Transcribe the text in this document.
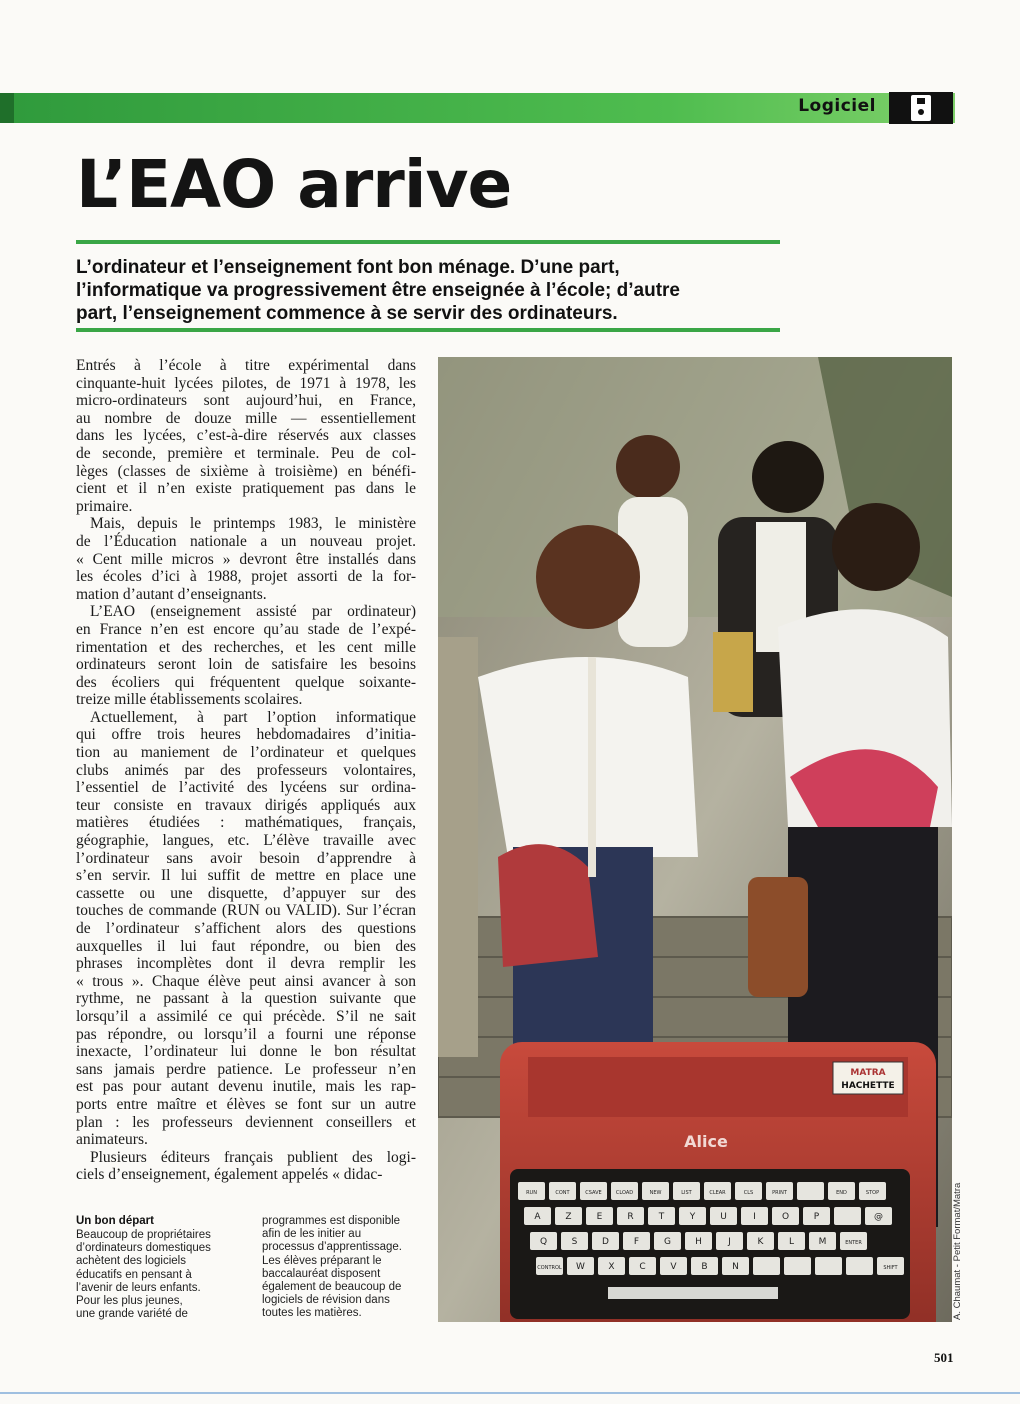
Logiciel
L’EAO arrive
L’ordinateur et l’enseignement font bon ménage. D’une part,
l’informatique va progressivement être enseignée à l’école; d’autre
part, l’enseignement commence à se servir des ordinateurs.
Entrés à l’école à titre expérimental dans
cinquante-huit lycées pilotes, de 1971 à 1978, les
micro-ordinateurs sont aujourd’hui, en France,
au nombre de douze mille — essentiellement
dans les lycées, c’est-à-dire réservés aux classes
de seconde, première et terminale. Peu de col-
lèges (classes de sixième à troisième) en bénéfi-
cient et il n’en existe pratiquement pas dans le
primaire.
Mais, depuis le printemps 1983, le ministère
de l’Éducation nationale a un nouveau projet.
« Cent mille micros » devront être installés dans
les écoles d’ici à 1988, projet assorti de la for-
mation d’autant d’enseignants.
L’EAO (enseignement assisté par ordinateur)
en France n’en est encore qu’au stade de l’expé-
rimentation et des recherches, et les cent mille
ordinateurs seront loin de satisfaire les besoins
des écoliers qui fréquentent quelque soixante-
treize mille établissements scolaires.
Actuellement, à part l’option informatique
qui offre trois heures hebdomadaires d’initia-
tion au maniement de l’ordinateur et quelques
clubs animés par des professeurs volontaires,
l’essentiel de l’activité des lycéens sur ordina-
teur consiste en travaux dirigés appliqués aux
matières étudiées : mathématiques, français,
géographie, langues, etc. L’élève travaille avec
l’ordinateur sans avoir besoin d’apprendre à
s’en servir. Il lui suffit de mettre en place une
cassette ou une disquette, d’appuyer sur des
touches de commande (RUN ou VALID). Sur l’écran
de l’ordinateur s’affichent alors des questions
auxquelles il lui faut répondre, ou bien des
phrases incomplètes dont il devra remplir les
« trous ». Chaque élève peut ainsi avancer à son
rythme, ne passant à la question suivante que
lorsqu’il a assimilé ce qui précède. S’il ne sait
pas répondre, ou lorsqu’il a fourni une réponse
inexacte, l’ordinateur lui donne le bon résultat
sans jamais perdre patience. Le professeur n’en
est pas pour autant devenu inutile, mais les rap-
ports entre maître et élèves se font sur un autre
plan : les professeurs deviennent conseillers et
animateurs.
Plusieurs éditeurs français publient des logi-
ciels d’enseignement, également appelés « didac-
Un bon départ
Beaucoup de propriétaires
d’ordinateurs domestiques
achètent des logiciels
éducatifs en pensant à
l’avenir de leurs enfants.
Pour les plus jeunes,
une grande variété de
programmes est disponible
afin de les initier au
processus d’apprentissage.
Les élèves préparant le
baccalauréat disposent
également de beaucoup de
logiciels de révision dans
toutes les matières.
Alice
MATRA
HACHETTE
RUN	CONT	CSAVE	CLOAD	NEW	LIST	CLEAR	CLS	PRINT	END	STOP
A	Z	E	R	T	Y	U	I	O	P	@
Q	S	D	F	G	H	J	K	L	M	ENTER
CONTROL W	X	C	V	B	N	SHIFT	A. Chaumat - Petit Format/Matra
501
